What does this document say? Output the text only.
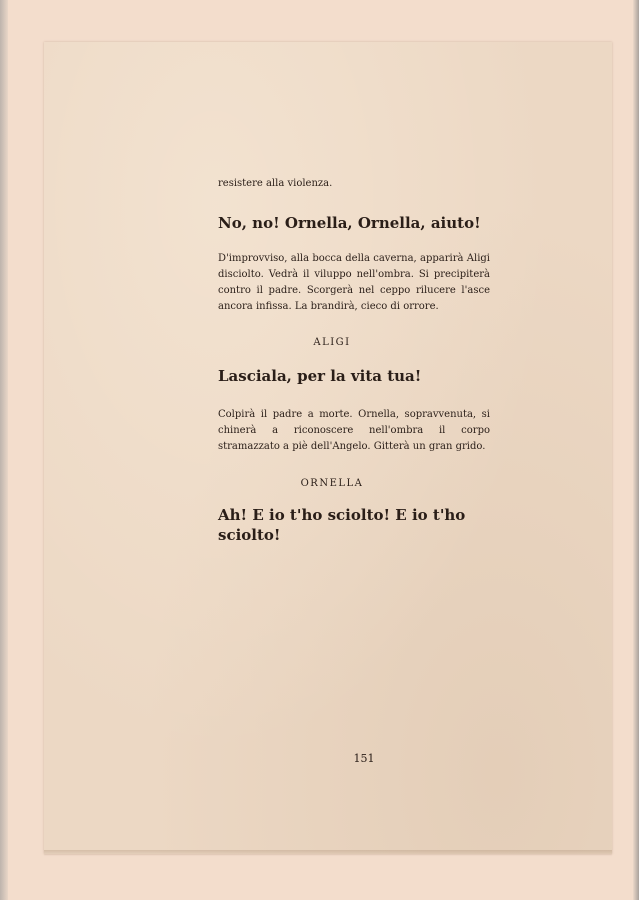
resistere alla violenza.

No, no! Ornella, Ornella, aiuto!

D'improvviso, alla bocca della caverna, apparirà Aligi disciolto. Vedrà il viluppo nell'ombra. Si precipiterà contro il padre. Scorgerà nel ceppo rilucere l'asce ancora infissa. La brandirà, cieco di orrore.

ALIGI

Lasciala, per la vita tua!

Colpirà il padre a morte. Ornella, sopravvenuta, si chinerà a riconoscere nell'ombra il corpo stramazzato a piè dell'Angelo. Gitterà un gran grido.

ORNELLA

Ah! E io t'ho sciolto! E io t'ho sciolto!

151
